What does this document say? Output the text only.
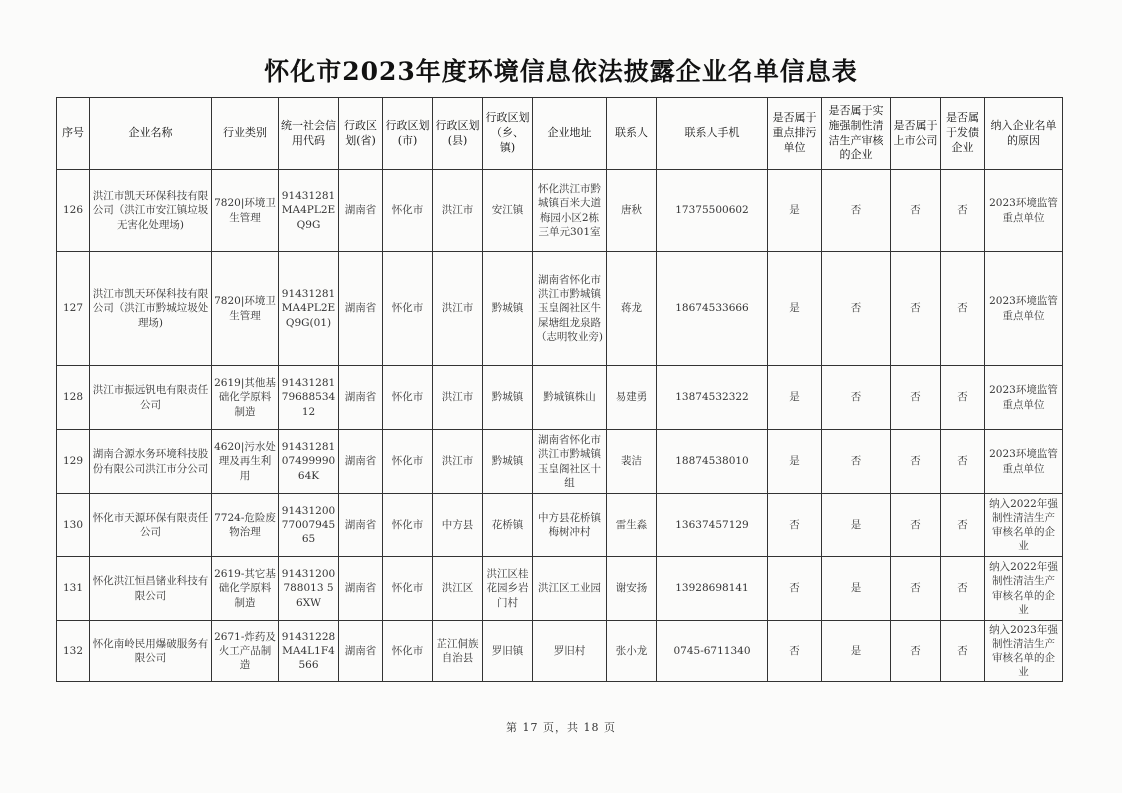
怀化市2023年度环境信息依法披露企业名单信息表
序号	企业名称	行业类别	统一社会信用代码	行政区划(省)	行政区划(市)	行政区划(县)	行政区划（乡、镇)	企业地址	联系人	联系人手机	是否属于重点排污单位	是否属于实施强制性清洁生产审核的企业	是否属于上市公司	是否属于发债企业	纳入企业名单的原因
126	洪江市凯天环保科技有限公司（洪江市安江镇垃圾无害化处理场)	7820|环境卫生管理	91431281MA4PL2EQ9G	湖南省	怀化市	洪江市	安江镇	怀化洪江市黔城镇百米大道梅园小区2栋三单元301室	唐秋	17375500602	是	否	否	否	2023环境监管重点单位
127	洪江市凯天环保科技有限公司（洪江市黔城垃圾处理场)	7820|环境卫生管理	91431281MA4PL2EQ9G(01)	湖南省	怀化市	洪江市	黔城镇	湖南省怀化市洪江市黔城镇玉皇阁社区牛屎塘组龙泉路（志明牧业旁)	蒋龙	18674533666	是	否	否	否	2023环境监管重点单位
128	洪江市振远钒电有限责任公司	2619|其他基础化学原料制造	914312817968853412	湖南省	怀化市	洪江市	黔城镇	黔城镇株山	易建勇	13874532322	是	否	否	否	2023环境监管重点单位
129	湖南合源水务环境科技股份有限公司洪江市分公司	4620|污水处理及再生利用	914312810749999064K	湖南省	怀化市	洪江市	黔城镇	湖南省怀化市洪江市黔城镇玉皇阁社区十组	裴洁	18874538010	是	否	否	否	2023环境监管重点单位
130	怀化市天源环保有限责任公司	7724-危险废物治理	914312007700794565	湖南省	怀化市	中方县	花桥镇	中方县花桥镇梅树冲村	雷生淼	13637457129	否	是	否	否	纳入2022年强制性清洁生产审核名单的企业
131	怀化洪江恒昌锗业科技有限公司	2619-其它基础化学原料制造	91431200788013 56XW	湖南省	怀化市	洪江区	洪江区桂花园乡岩门村	洪江区工业园	谢安扬	13928698141	否	是	否	否	纳入2022年强制性清洁生产审核名单的企业
132	怀化南岭民用爆破服务有限公司	2671-炸药及火工产品制造	91431228MA4L1F4566	湖南省	怀化市	芷江侗族自治县	罗旧镇	罗旧村	张小龙	0745-6711340	否	是	否	否	纳入2023年强制性清洁生产审核名单的企业
第 17 页，共 18 页
